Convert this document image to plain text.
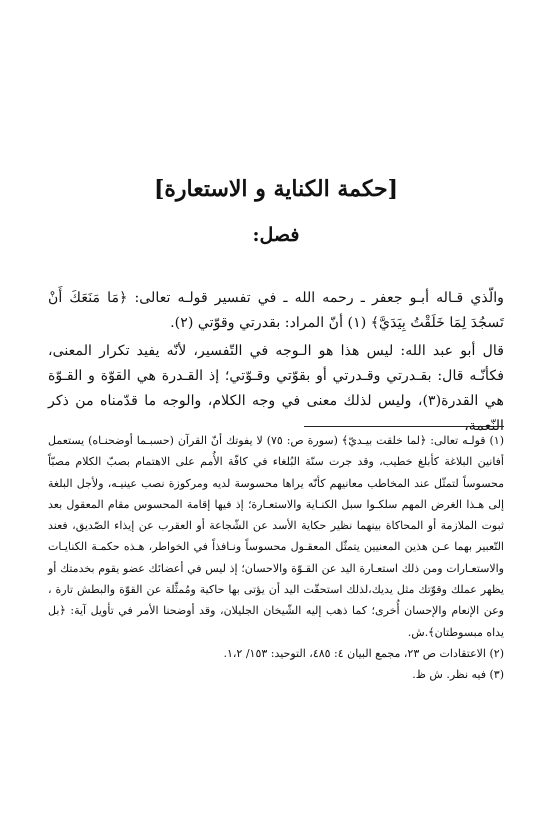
[حكمة الكناية و الاستعارة]
فصل:

والّذي قـاله أبـو جعفر ـ رحمه الله ـ في تفسير قولـه تعالى: ﴿مَا مَنَعَكَ أَنْ تَسجُدَ لِمَا خَلَقْتُ بِيَدَيَّ﴾ (١) أنّ المراد: بقدرتي وقوّتي (٢).

قال أبو عبد الله: ليس هذا هو الـوجه في التّفسير، لأنّه يفيد تكرار المعنى، فكأنّـه قال: بقـدرتي وقـدرتي أو بقوّتي وقـوّتي؛ إذ القـدرة هي القوّة و القـوّة هي القدرة(٣)، وليس لذلك معنى في وجه الكلام، والوجه ما قدّمناه من ذكر النّعمة،

(١) قولـه تعالى: ﴿لما خلقت بيـديّ﴾ (سورة ص: ٧٥) لا يفوتك أنّ القرآن (حسبـما أوضحنـاه) يستعمل أفانين البلاغة كأبلغ خطيب، وقد جرت سنّة البُلغاء في كافّة الأُمم على الاهتمام بصبّ الكلام مصبّاً محسوساً لتمثّل عند المخاطب معانيهم كأنّه يراها محسوسة لديه ومركوزة نصب عينيـه، ولأجل البلغة إلى هـذا الغرض المهم سلكـوا سبل الكنـاية والاستعـارة؛ إذ فيها إقامة المحسوس مقام المعقول بعد ثبوت الملازمة أو المحاكاة بينهما نظير حكاية الأسد عن الشّجاعة أو العقرب عن إيذاء الصّديق، فعند التّعبير بهما عـن هذين المعنيين يتمثّل المعقـول محسوساً ونـافذاً في الخواطر، هـذه حكمـة الكنايـات والاستعـارات ومن ذلك استعـارة اليد عن القـوّة والاحسان؛ إذ ليس في أعضائك عضو يقوم بخدمتك أو يظهر عملك وقوّتك مثل يديك،لذلك استحقّت اليد أن يؤتى بها حاكية ومُمثِّلة عن القوّة والبطش تارة ، وعن الإنعام والإحسان أُخرى؛ كما ذهب إليه الشّيخان الجليلان، وقد أوضحنا الأمر في تأويل آية: ﴿بل يداه مبسوطتان﴾.ش.

(٢) الاعتقادات ص ٢٣، مجمع البيان ٤: ٤٨٥، التوحيد: ١٥٣/ ١،٢.

(٣) فيه نظر. ش ظ.
